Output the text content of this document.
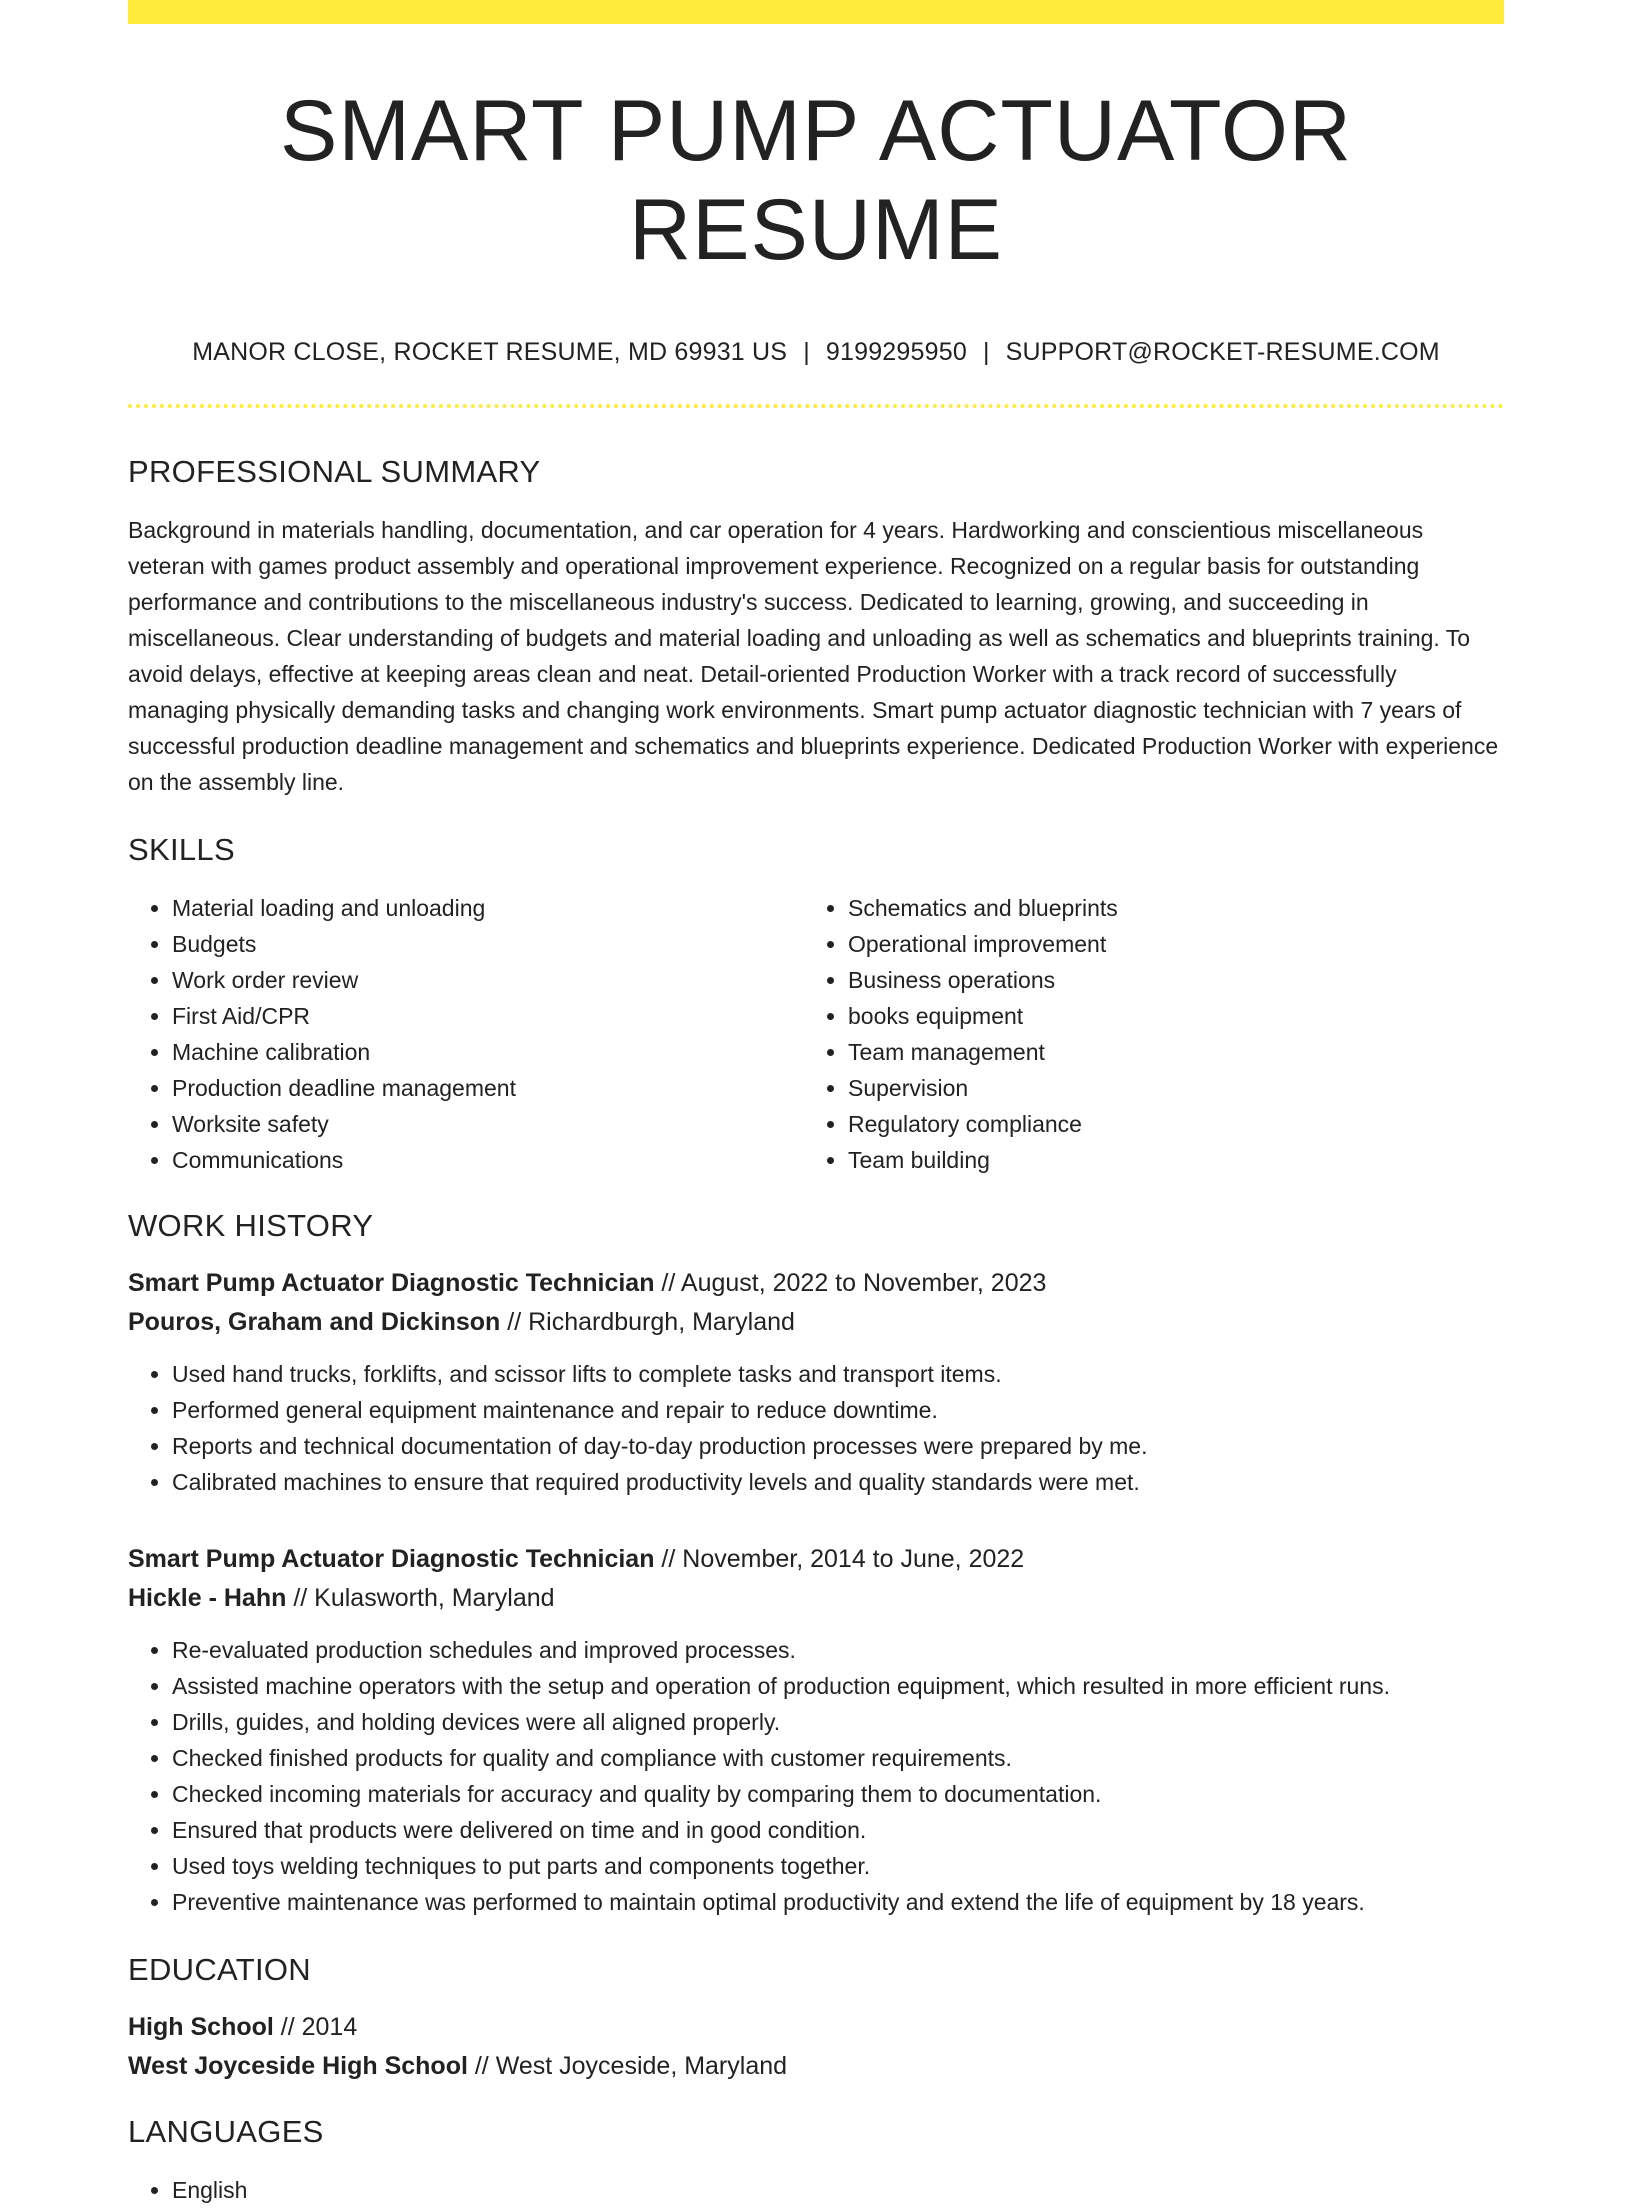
SMART PUMP ACTUATOR RESUME
MANOR CLOSE, ROCKET RESUME, MD 69931 US | 9199295950 | SUPPORT@ROCKET-RESUME.COM
PROFESSIONAL SUMMARY

Background in materials handling, documentation, and car operation for 4 years. Hardworking and conscientious miscellaneous veteran with games product assembly and operational improvement experience. Recognized on a regular basis for outstanding performance and contributions to the miscellaneous industry's success. Dedicated to learning, growing, and succeeding in miscellaneous. Clear understanding of budgets and material loading and unloading as well as schematics and blueprints training. To avoid delays, effective at keeping areas clean and neat. Detail-oriented Production Worker with a track record of successfully managing physically demanding tasks and changing work environments. Smart pump actuator diagnostic technician with 7 years of successful production deadline management and schematics and blueprints experience. Dedicated Production Worker with experience on the assembly line.

SKILLS
• Material loading and unloading
• Budgets
• Work order review
• First Aid/CPR
• Machine calibration
• Production deadline management
• Worksite safety
• Communications
• Schematics and blueprints
• Operational improvement
• Business operations
• books equipment
• Team management
• Supervision
• Regulatory compliance
• Team building
WORK HISTORY
Smart Pump Actuator Diagnostic Technician // August, 2022 to November, 2023
Pouros, Graham and Dickinson // Richardburgh, Maryland
• Used hand trucks, forklifts, and scissor lifts to complete tasks and transport items.
• Performed general equipment maintenance and repair to reduce downtime.
• Reports and technical documentation of day-to-day production processes were prepared by me.
• Calibrated machines to ensure that required productivity levels and quality standards were met.
Smart Pump Actuator Diagnostic Technician // November, 2014 to June, 2022
Hickle - Hahn // Kulasworth, Maryland
• Re-evaluated production schedules and improved processes.
• Assisted machine operators with the setup and operation of production equipment, which resulted in more efficient runs.
• Drills, guides, and holding devices were all aligned properly.
• Checked finished products for quality and compliance with customer requirements.
• Checked incoming materials for accuracy and quality by comparing them to documentation.
• Ensured that products were delivered on time and in good condition.
• Used toys welding techniques to put parts and components together.
• Preventive maintenance was performed to maintain optimal productivity and extend the life of equipment by 18 years.
EDUCATION
High School // 2014
West Joyceside High School // West Joyceside, Maryland
LANGUAGES
• English
